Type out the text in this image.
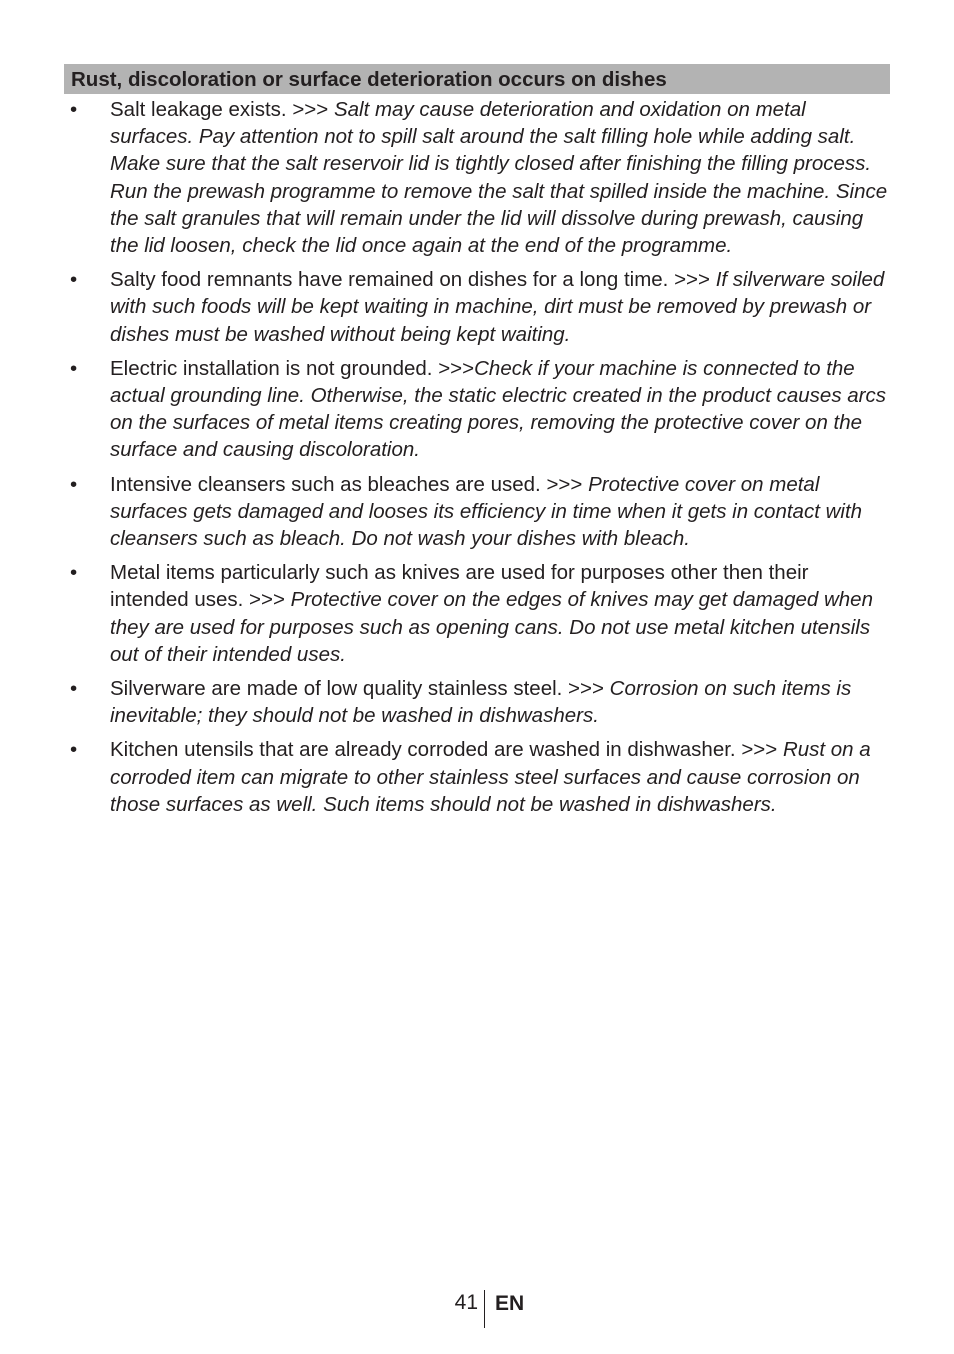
Rust, discoloration or surface deterioration occurs on dishes
• Salt leakage exists. >>> Salt may cause deterioration and oxidation on metal surfaces. Pay attention not to spill salt around the salt filling hole while adding salt. Make sure that the salt reservoir lid is tightly closed after finishing the filling process. Run the prewash programme to remove the salt that spilled inside the machine. Since the salt granules that will remain under the lid will dissolve during prewash, causing the lid loosen, check the lid once again at the end of the programme.
• Salty food remnants have remained on dishes for a long time. >>> If silverware soiled with such foods will be kept waiting in machine, dirt must be removed by prewash or dishes must be washed without being kept waiting.
• Electric installation is not grounded. >>>Check if your machine is connected to the actual grounding line. Otherwise, the static electric created in the product causes arcs on the surfaces of metal items creating pores, removing the protective cover on the surface and causing discoloration.
• Intensive cleansers such as bleaches are used. >>> Protective cover on metal surfaces gets damaged and looses its efficiency in time when it gets in contact with cleansers such as bleach. Do not wash your dishes with bleach.
• Metal items particularly such as knives are used for purposes other then their intended uses. >>> Protective cover on the edges of knives may get damaged when they are used for purposes such as opening cans. Do not use metal kitchen utensils out of their intended uses.
• Silverware are made of low quality stainless steel. >>> Corrosion on such items is inevitable; they should not be washed in dishwashers.
• Kitchen utensils that are already corroded are washed in dishwasher. >>> Rust on a corroded item can migrate to other stainless steel surfaces and cause corrosion on those surfaces as well. Such items should not be washed in dishwashers.
41 EN
